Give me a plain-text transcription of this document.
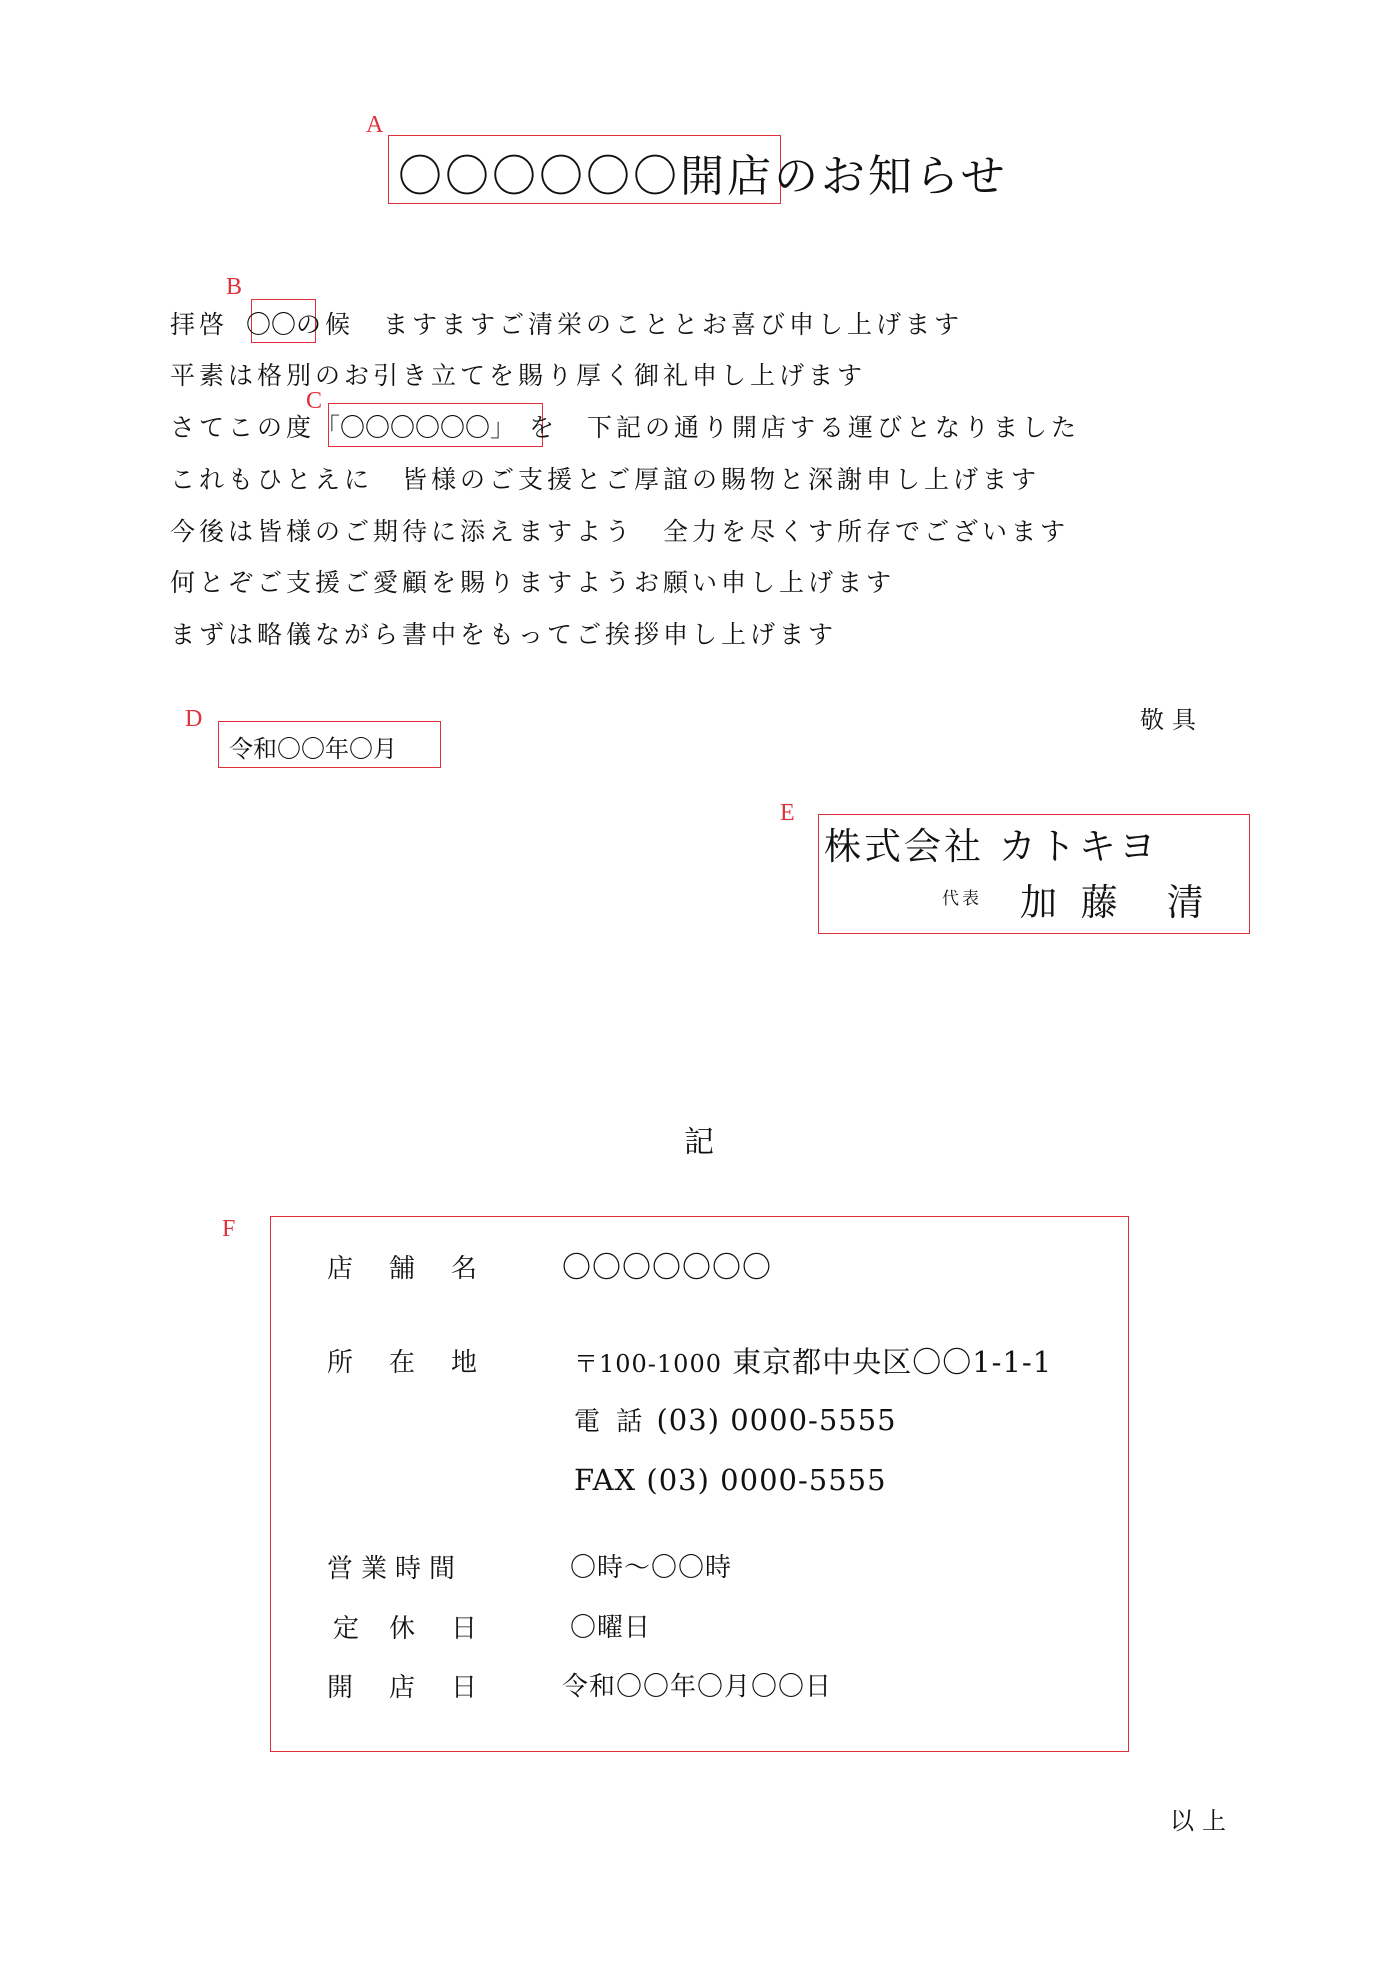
A
〇〇〇〇〇〇開店のお知らせ
B
拝啓 〇〇の候　ますますご清栄のこととお喜び申し上げます
平素は格別のお引き立てを賜り厚く御礼申し上げます
C
さてこの度「〇〇〇〇〇〇」 を　下記の通り開店する運びとなりました
これもひとえに　皆様のご支援とご厚誼の賜物と深謝申し上げます
今後は皆様のご期待に添えますよう　全力を尽くす所存でございます
何とぞご支援ご愛顧を賜りますようお願い申し上げます
まずは略儀ながら書中をもってご挨拶申し上げます
敬具
D
令和〇〇年〇月
E
株式会社 カトキヨ
代表 加 藤　清
記
F
店 舗 名	〇〇〇〇〇〇〇
所 在 地	〒100-1000 東京都中央区〇〇1-1-1
電 話 (03) 0000-5555
FAX (03) 0000-5555
営 業 時 間	〇時～〇〇時
定 休 日	〇曜日
開 店 日	令和〇〇年〇月〇〇日
以上
